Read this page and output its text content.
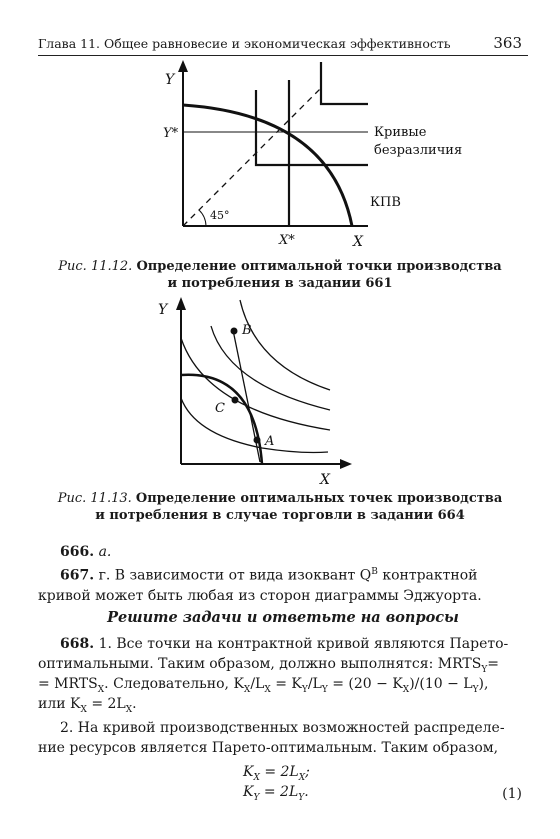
Глава 11. Общее равновесие и экономическая эффективность	363
Y
Y*
X*	X
45°
Кривые
безразличия
КПВ
Рис. 11.12. Определение оптимальной точки производства
и потребления в задании 661
Y
X
B
C
A
Рис. 11.13. Определение оптимальных точек производства
и потребления в случае торговли в задании 664
666. а.
667. г. В зависимости от вида изоквант $Q^B$ контрактной кривой может быть любая из сторон диаграммы Эджуорта.
Решите задачи и ответьте на вопросы
668. 1. Все точки на контрактной кривой являются Парето-
оптимальными. Таким образом, должно выполнятся: $MRTS_Y=$
= $MRTS_X$. Следовательно, $K_X/L_X = K_Y/L_Y = (20 - K_X)/(10 - L_Y)$,
или $K_X = 2L_X$.
2. На кривой производственных возможностей распределе-
ние ресурсов является Парето-оптимальным. Таким образом,
$K_X = 2L_X$;
$K_Y = 2L_Y$.	(1)
